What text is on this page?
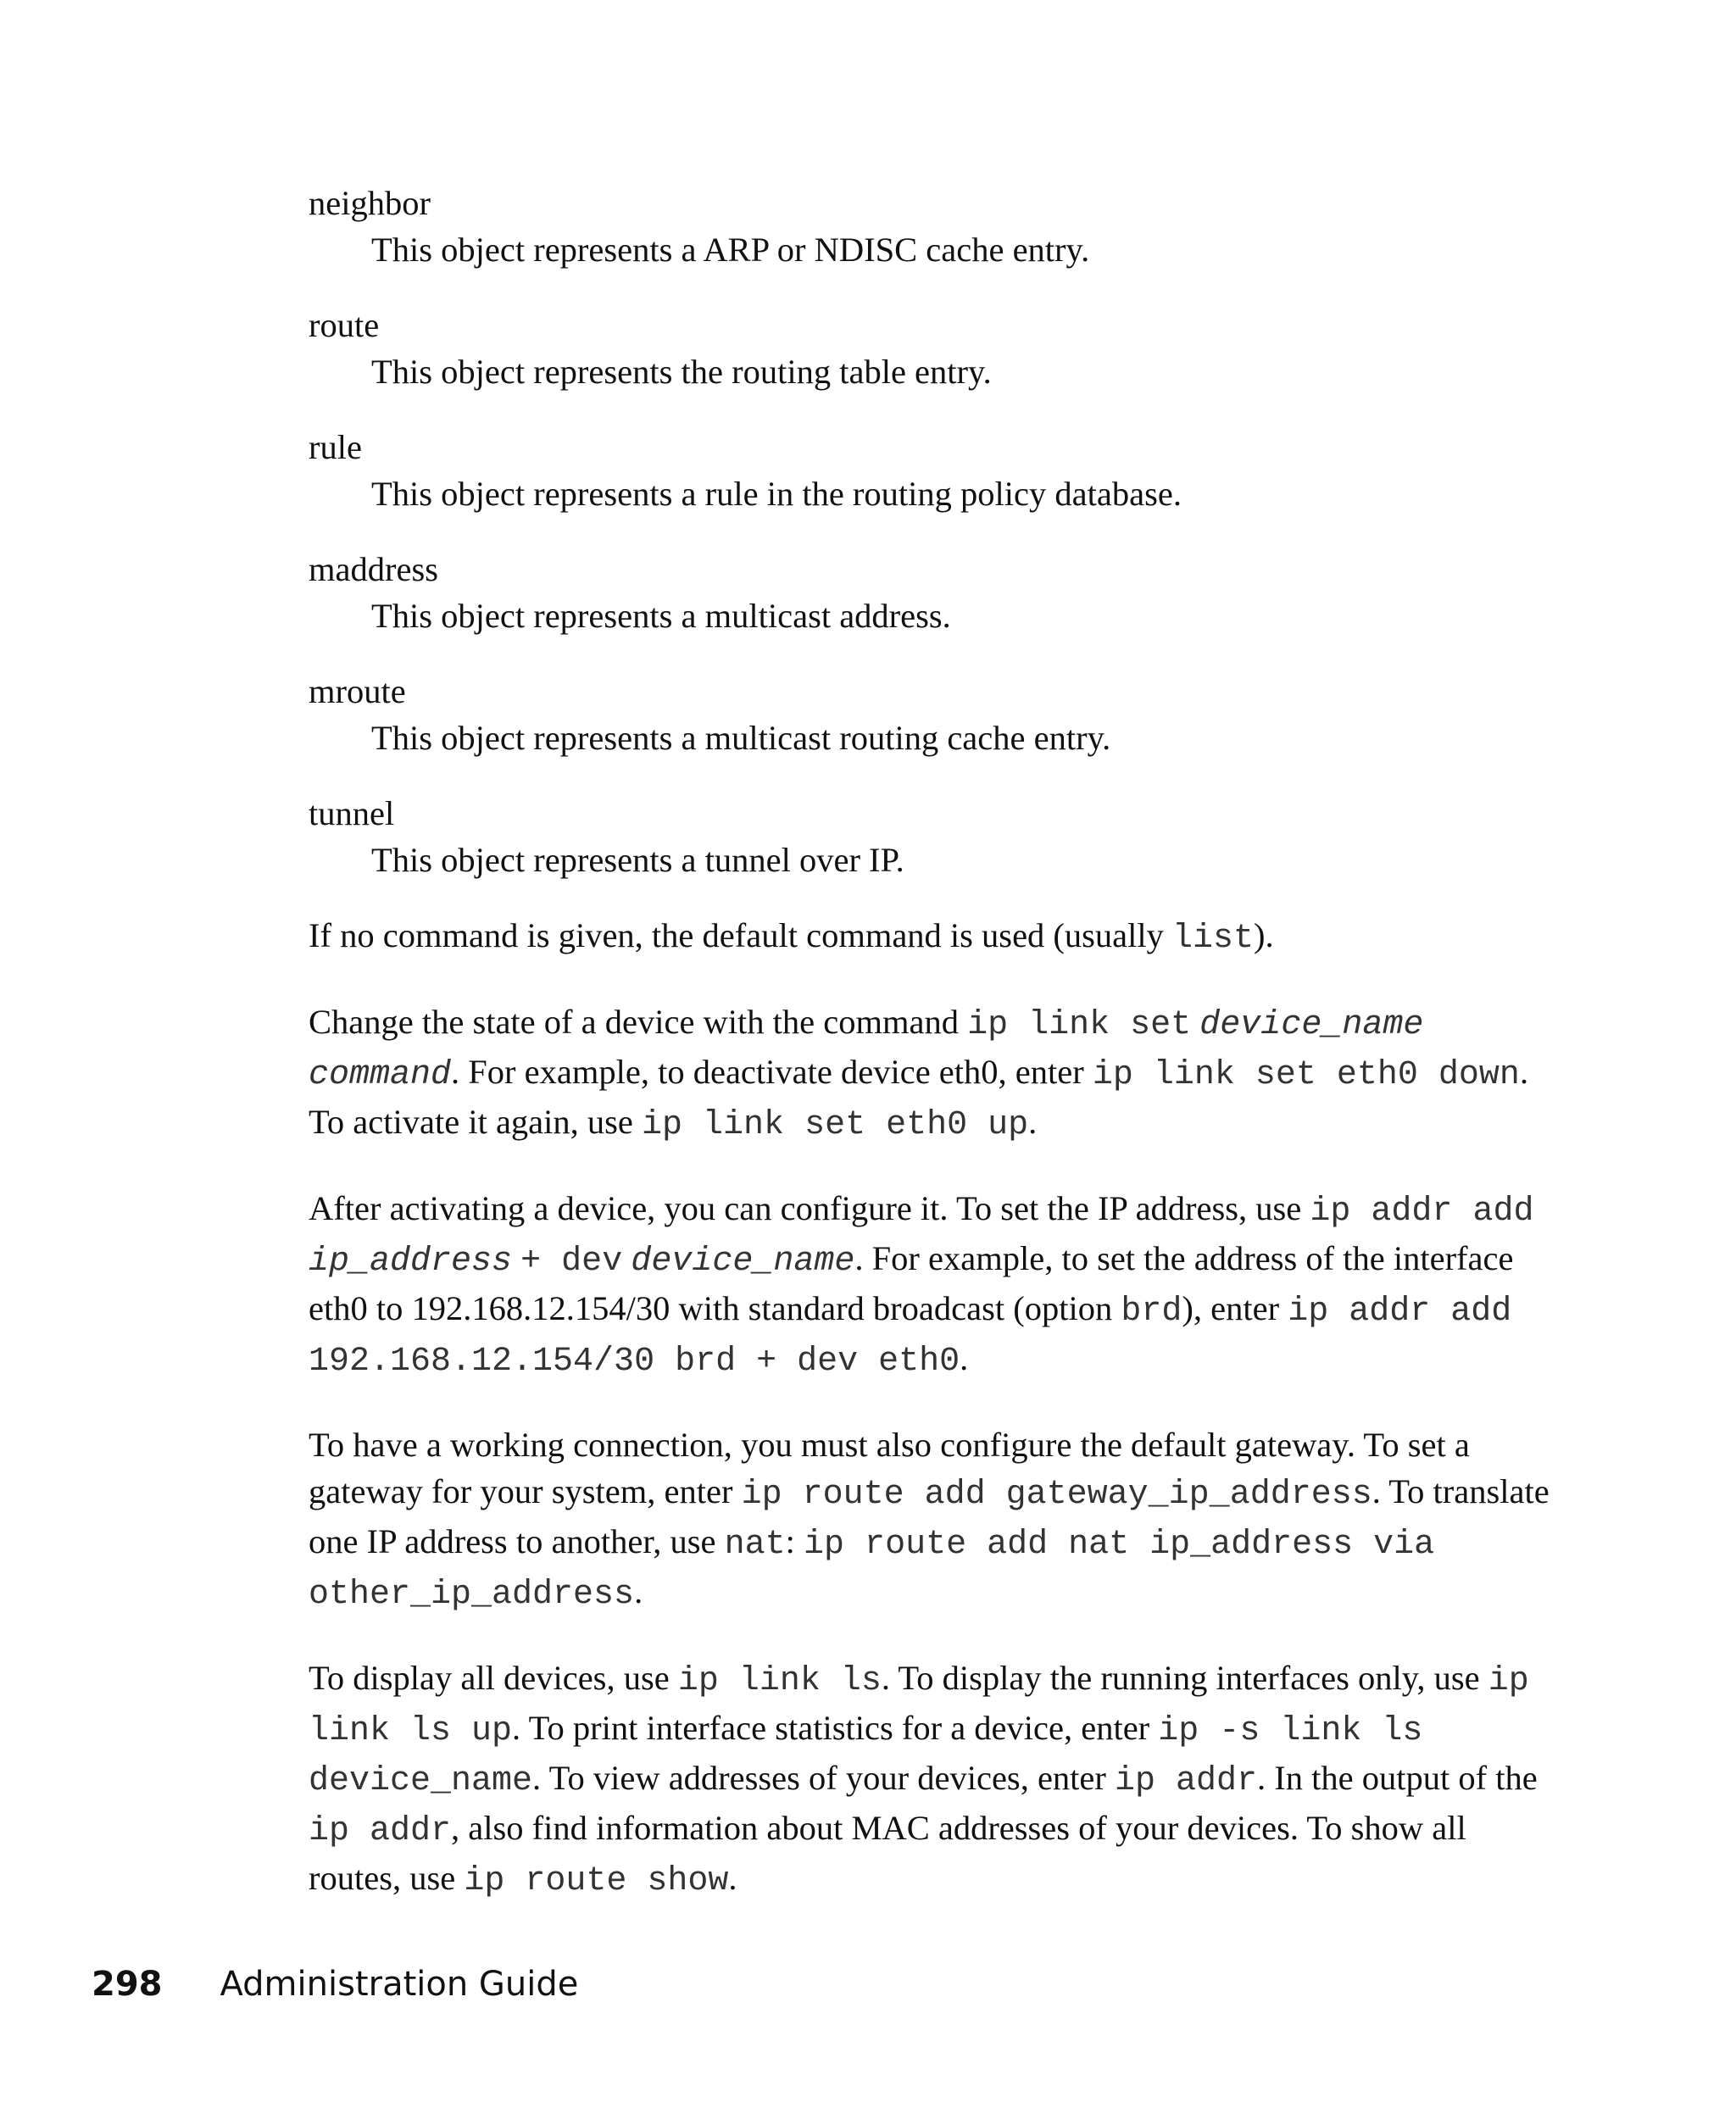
neighbor
This object represents a ARP or NDISC cache entry.
route
This object represents the routing table entry.
rule
This object represents a rule in the routing policy database.
maddress
This object represents a multicast address.
mroute
This object represents a multicast routing cache entry.
tunnel
This object represents a tunnel over IP.

If no command is given, the default command is used (usually list).

Change the state of a device with the command ip link set device_name command. For example, to deactivate device eth0, enter ip link set eth0 down. To activate it again, use ip link set eth0 up.

After activating a device, you can configure it. To set the IP address, use ip addr add ip_address + dev device_name. For example, to set the address of the interface eth0 to 192.168.12.154/30 with standard broadcast (option brd), enter ip addr add 192.168.12.154/30 brd + dev eth0.

To have a working connection, you must also configure the default gateway. To set a gateway for your system, enter ip route add gateway_ip_address. To translate one IP address to another, use nat: ip route add nat ip_address via other_ip_address.

To display all devices, use ip link ls. To display the running interfaces only, use ip link ls up. To print interface statistics for a device, enter ip -s link ls device_name. To view addresses of your devices, enter ip addr. In the output of the ip addr, also find information about MAC addresses of your devices. To show all routes, use ip route show.

298 Administration Guide
